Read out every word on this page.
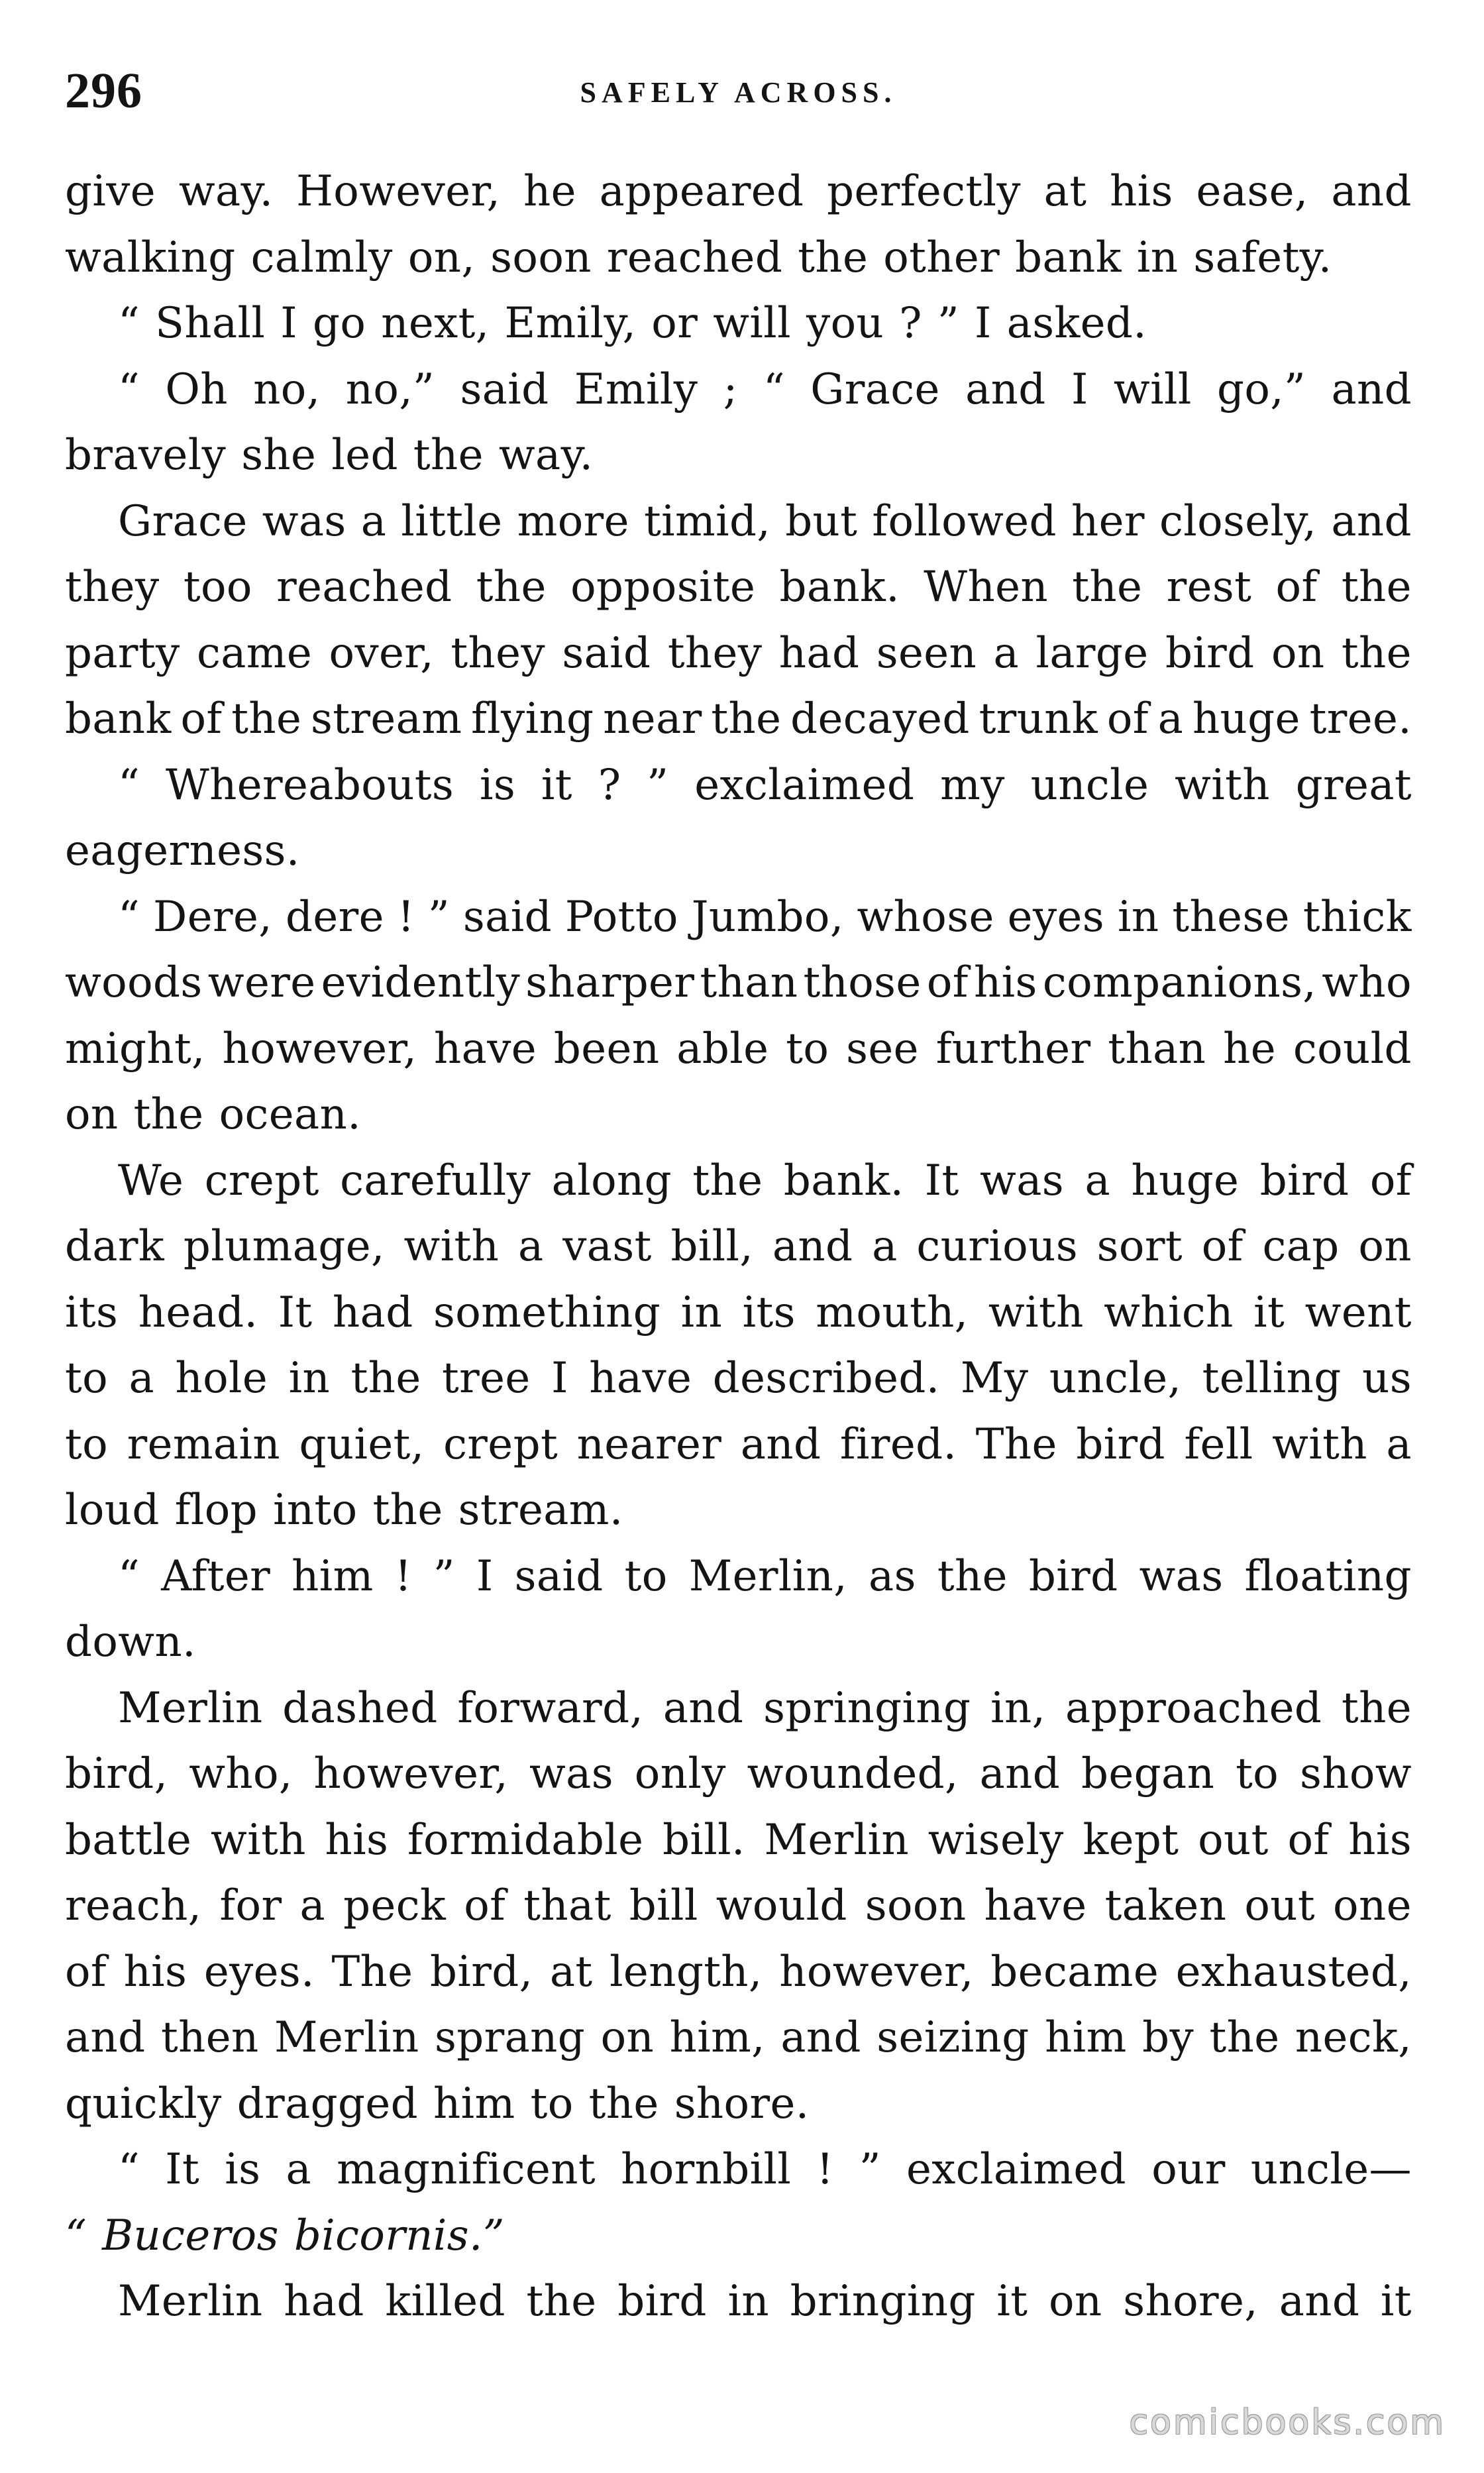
296	SAFELY ACROSS.
give way. However, he appeared perfectly at his ease, and
walking calmly on, soon reached the other bank in safety.
“ Shall I go next, Emily, or will you ? ” I asked.
“ Oh no, no,” said Emily ; “ Grace and I will go,” and
bravely she led the way.
Grace was a little more timid, but followed her closely, and
they too reached the opposite bank. When the rest of the
party came over, they said they had seen a large bird on the
bank of the stream flying near the decayed trunk of a huge tree.
“ Whereabouts is it ? ” exclaimed my uncle with great
eagerness.
“ Dere, dere ! ” said Potto Jumbo, whose eyes in these thick
woods were evidently sharper than those of his companions, who
might, however, have been able to see further than he could
on the ocean.
We crept carefully along the bank. It was a huge bird of
dark plumage, with a vast bill, and a curious sort of cap on
its head. It had something in its mouth, with which it went
to a hole in the tree I have described. My uncle, telling us
to remain quiet, crept nearer and fired. The bird fell with a
loud flop into the stream.
“ After him ! ” I said to Merlin, as the bird was floating
down.
Merlin dashed forward, and springing in, approached the
bird, who, however, was only wounded, and began to show
battle with his formidable bill. Merlin wisely kept out of his
reach, for a peck of that bill would soon have taken out one
of his eyes. The bird, at length, however, became exhausted,
and then Merlin sprang on him, and seizing him by the neck,
quickly dragged him to the shore.
“ It is a magnificent hornbill ! ” exclaimed our uncle—
“ Buceros bicornis.”
Merlin had killed the bird in bringing it on shore, and it
comicbooks.com
